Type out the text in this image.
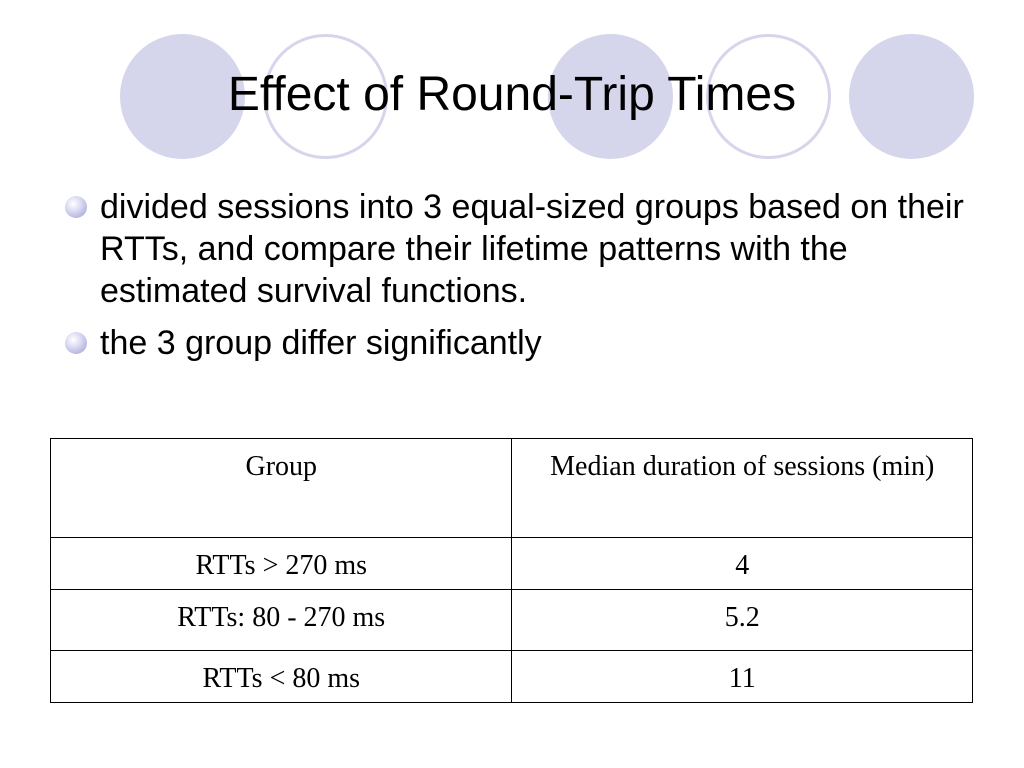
Effect of Round-Trip Times
divided sessions into 3 equal-sized groups based on their RTTs, and compare their lifetime patterns with the estimated survival functions.
the 3 group differ significantly
Group	Median duration of sessions (min)
RTTs > 270 ms	4
RTTs: 80 - 270 ms	5.2
RTTs < 80 ms	11
